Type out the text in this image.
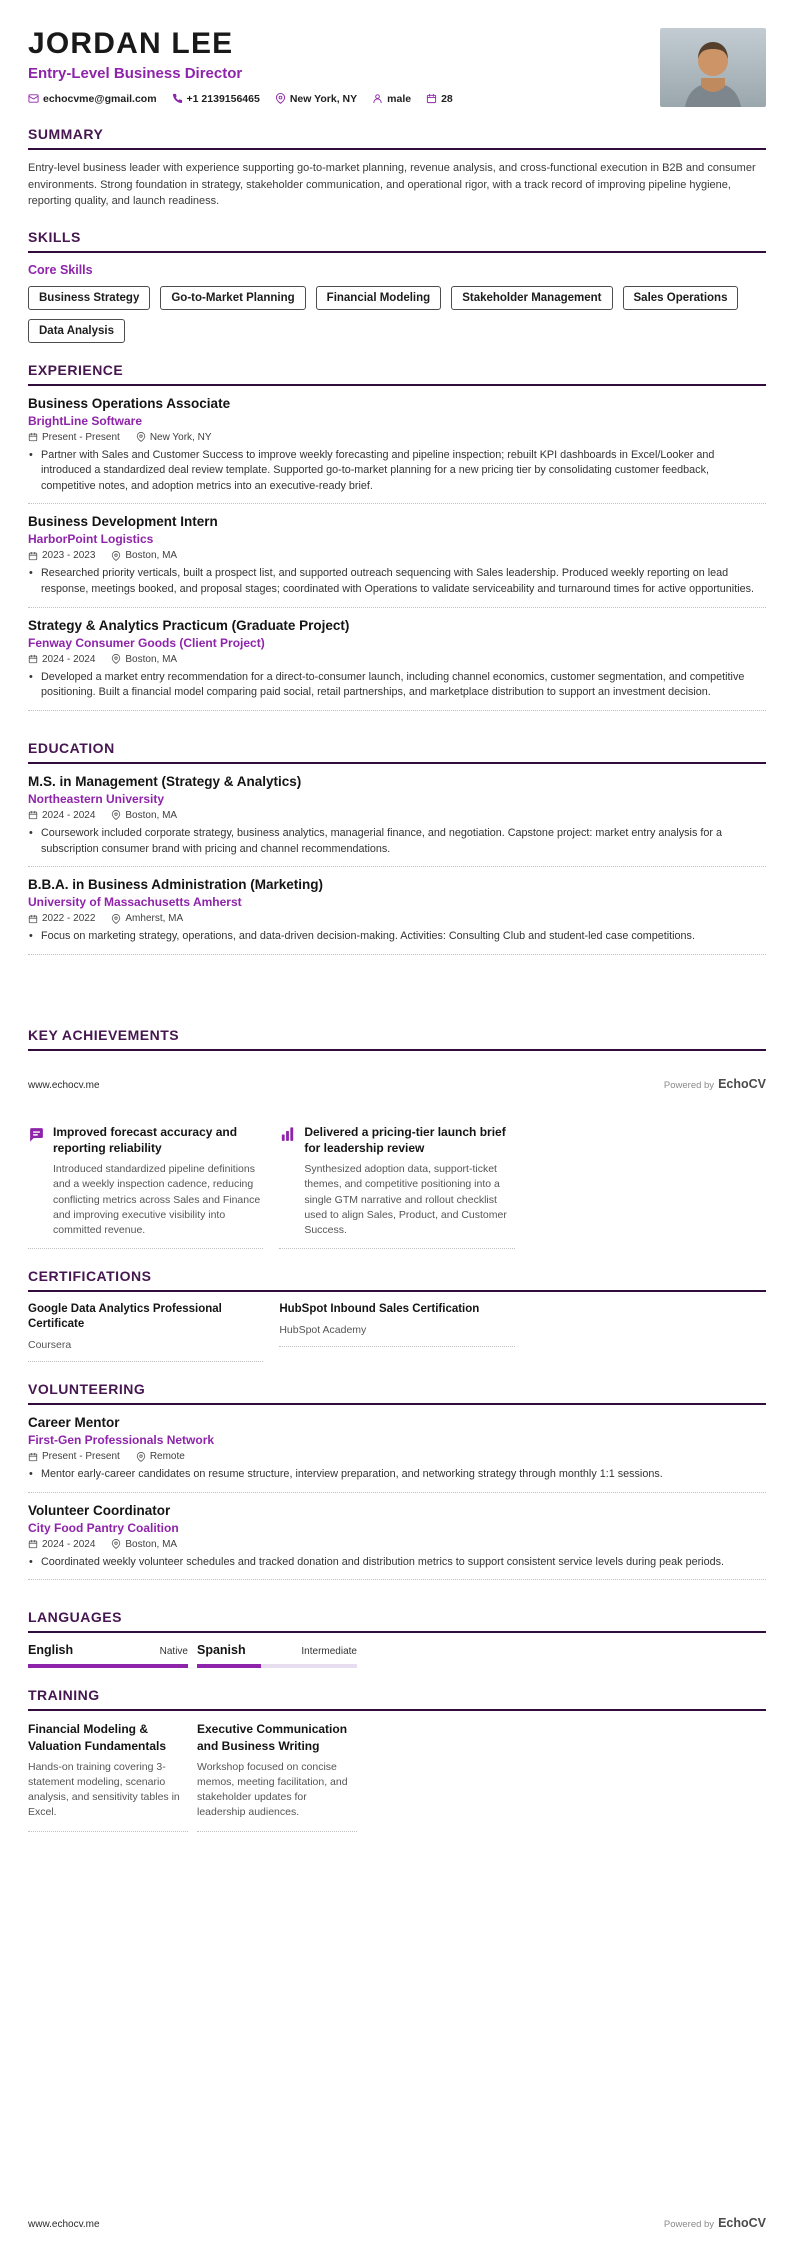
JORDAN LEE
Entry-Level Business Director
echocvme@gmail.com	+1 2139156465	New York, NY	male	28
SUMMARY

Entry-level business leader with experience supporting go-to-market planning, revenue analysis, and cross-functional execution in B2B and consumer environments. Strong foundation in strategy, stakeholder communication, and operational rigor, with a track record of improving pipeline hygiene, reporting quality, and launch readiness.

SKILLS
Core Skills
Business Strategy	Go-to-Market Planning	Financial Modeling	Stakeholder Management	Sales Operations
Data Analysis
EXPERIENCE
Business Operations Associate
BrightLine Software
Present - Present	New York, NY
• Partner with Sales and Customer Success to improve weekly forecasting and pipeline inspection; rebuilt KPI dashboards in Excel/Looker and introduced a standardized deal review template. Supported go-to-market planning for a new pricing tier by consolidating customer feedback, competitive notes, and adoption metrics into an executive-ready brief.
Business Development Intern
HarborPoint Logistics
2023 - 2023	Boston, MA
• Researched priority verticals, built a prospect list, and supported outreach sequencing with Sales leadership. Produced weekly reporting on lead response, meetings booked, and proposal stages; coordinated with Operations to validate serviceability and turnaround times for active opportunities.
Strategy & Analytics Practicum (Graduate Project)
Fenway Consumer Goods (Client Project)
2024 - 2024	Boston, MA
• Developed a market entry recommendation for a direct-to-consumer launch, including channel economics, customer segmentation, and competitive positioning. Built a financial model comparing paid social, retail partnerships, and marketplace distribution to support an investment decision.
EDUCATION
M.S. in Management (Strategy & Analytics)
Northeastern University
2024 - 2024	Boston, MA
• Coursework included corporate strategy, business analytics, managerial finance, and negotiation. Capstone project: market entry analysis for a subscription consumer brand with pricing and channel recommendations.
B.B.A. in Business Administration (Marketing)
University of Massachusetts Amherst
2022 - 2022	Amherst, MA
• Focus on marketing strategy, operations, and data-driven decision-making. Activities: Consulting Club and student-led case competitions.
KEY ACHIEVEMENTS
www.echocv.me	Powered by EchoCV
Improved forecast accuracy and reporting reliability

Introduced standardized pipeline definitions and a weekly inspection cadence, reducing conflicting metrics across Sales and Finance and improving executive visibility into committed revenue.

Delivered a pricing-tier launch brief for leadership review

Synthesized adoption data, support-ticket themes, and competitive positioning into a single GTM narrative and rollout checklist used to align Sales, Product, and Customer Success.

CERTIFICATIONS
Google Data Analytics Professional Certificate
Coursera
HubSpot Inbound Sales Certification
HubSpot Academy
VOLUNTEERING
Career Mentor
First-Gen Professionals Network
Present - Present	Remote
• Mentor early-career candidates on resume structure, interview preparation, and networking strategy through monthly 1:1 sessions.
Volunteer Coordinator
City Food Pantry Coalition
2024 - 2024	Boston, MA
• Coordinated weekly volunteer schedules and tracked donation and distribution metrics to support consistent service levels during peak periods.
LANGUAGES
English	Native Spanish	Intermediate
TRAINING
Financial Modeling & Valuation Fundamentals

Hands-on training covering 3-statement modeling, scenario analysis, and sensitivity tables in Excel.

Executive Communication and Business Writing

Workshop focused on concise memos, meeting facilitation, and stakeholder updates for leadership audiences.

www.echocv.me	Powered by EchoCV
